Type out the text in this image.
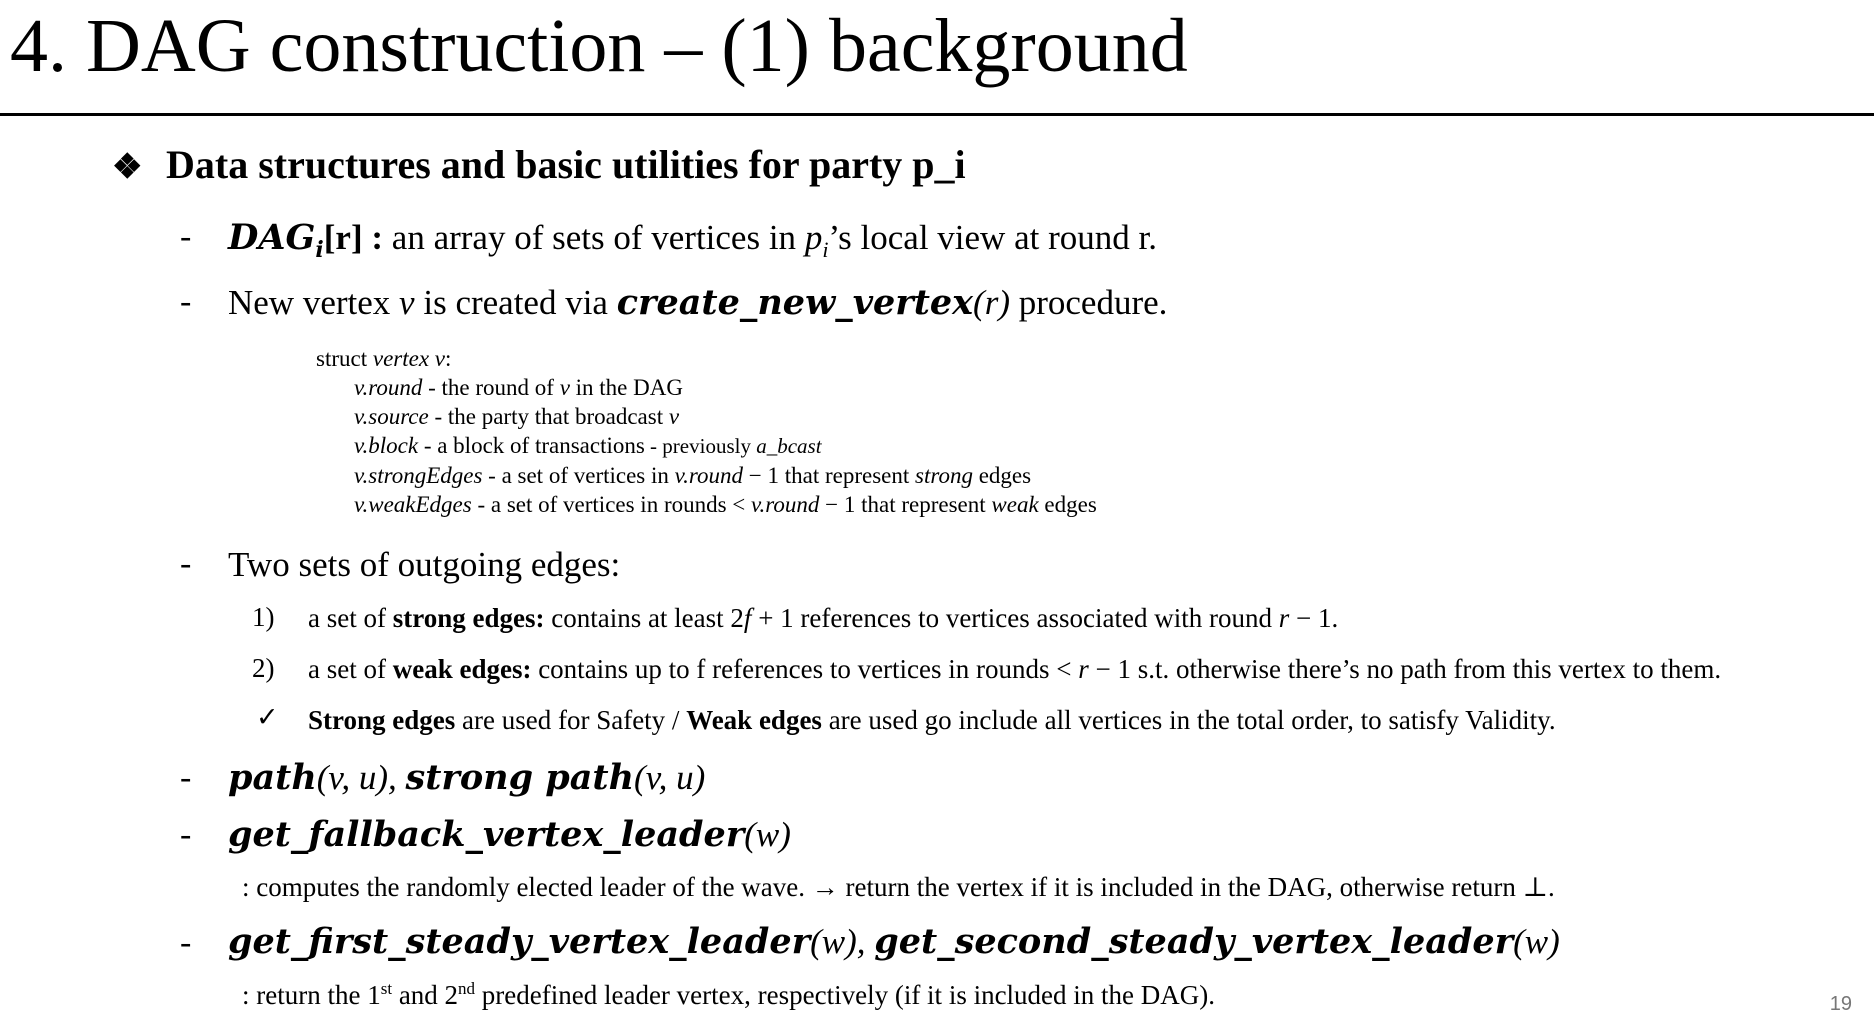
4. DAG construction – (1) background
❖ Data structures and basic utilities for party p_i
- $DAG_i[r]$ : an array of sets of vertices in $p_i’s$ local view at round r.
- New vertex v is created via create_new_vertex(r) procedure.
struct vertex v:
v.round - the round of v in the DAG
v.source - the party that broadcast v
v.block - a block of transactions - previously a_bcast
v.strongEdges - a set of vertices in v.round − 1 that represent strong edges
v.weakEdges - a set of vertices in rounds < v.round − 1 that represent weak edges
- Two sets of outgoing edges:
1) a set of strong edges: contains at least 2f + 1 references to vertices associated with round r − 1.
2) a set of weak edges: contains up to f references to vertices in rounds < r − 1 s.t. otherwise there’s no path from this vertex to them.
✓ Strong edges are used for Safety / Weak edges are used go include all vertices in the total order, to satisfy Validity.
- path(v, u), strong path(v, u)
- get_fallback_vertex_leader(w)
: computes the randomly elected leader of the wave. → return the vertex if it is included in the DAG, otherwise return ⊥.
- get_first_steady_vertex_leader(w), get_second_steady_vertex_leader(w)
: return the 1st and 2nd predefined leader vertex, respectively (if it is included in the DAG).	19
